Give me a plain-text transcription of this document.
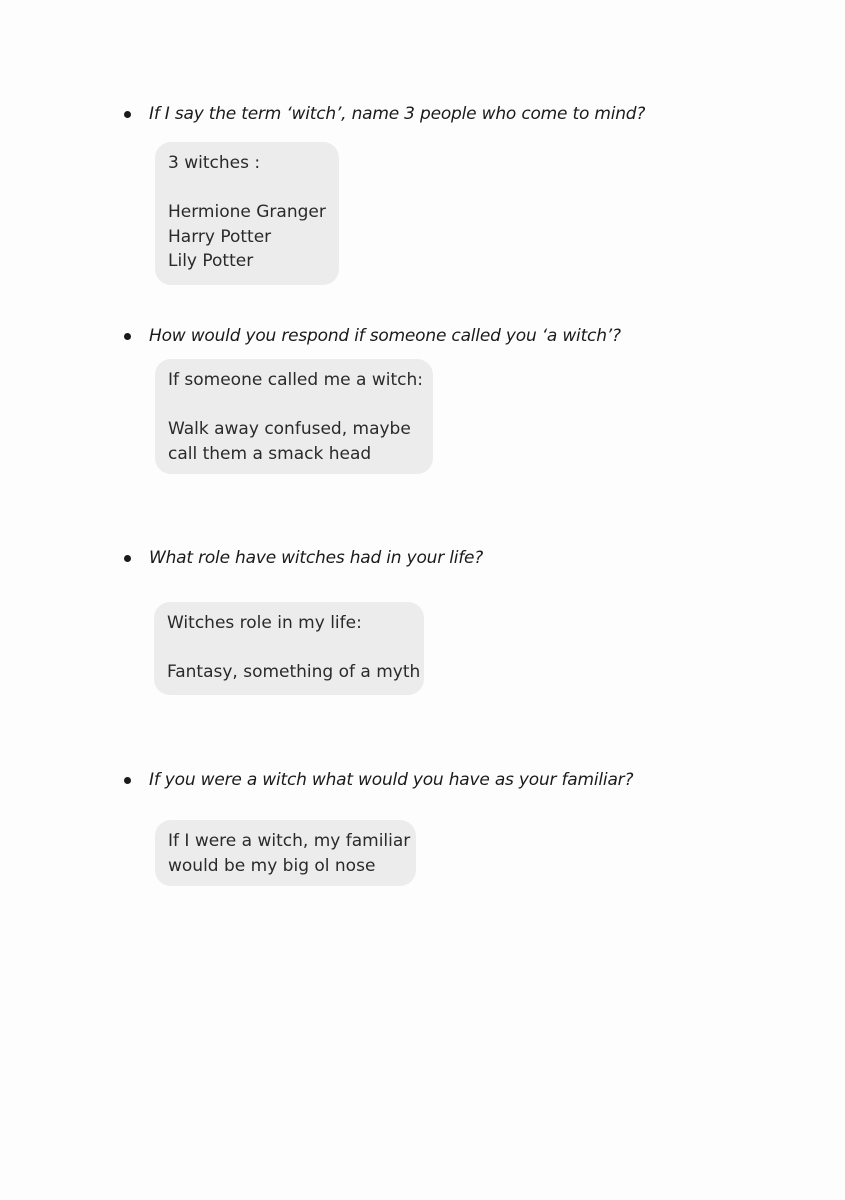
If I say the term ‘witch’, name 3 people who come to mind?
3 witches :
Hermione Granger
Harry Potter
Lily Potter
How would you respond if someone called you ‘a witch’?
If someone called me a witch:
Walk away confused, maybe
call them a smack head
What role have witches had in your life?
Witches role in my life:
Fantasy, something of a myth
If you were a witch what would you have as your familiar?
If I were a witch, my familiar
would be my big ol nose
